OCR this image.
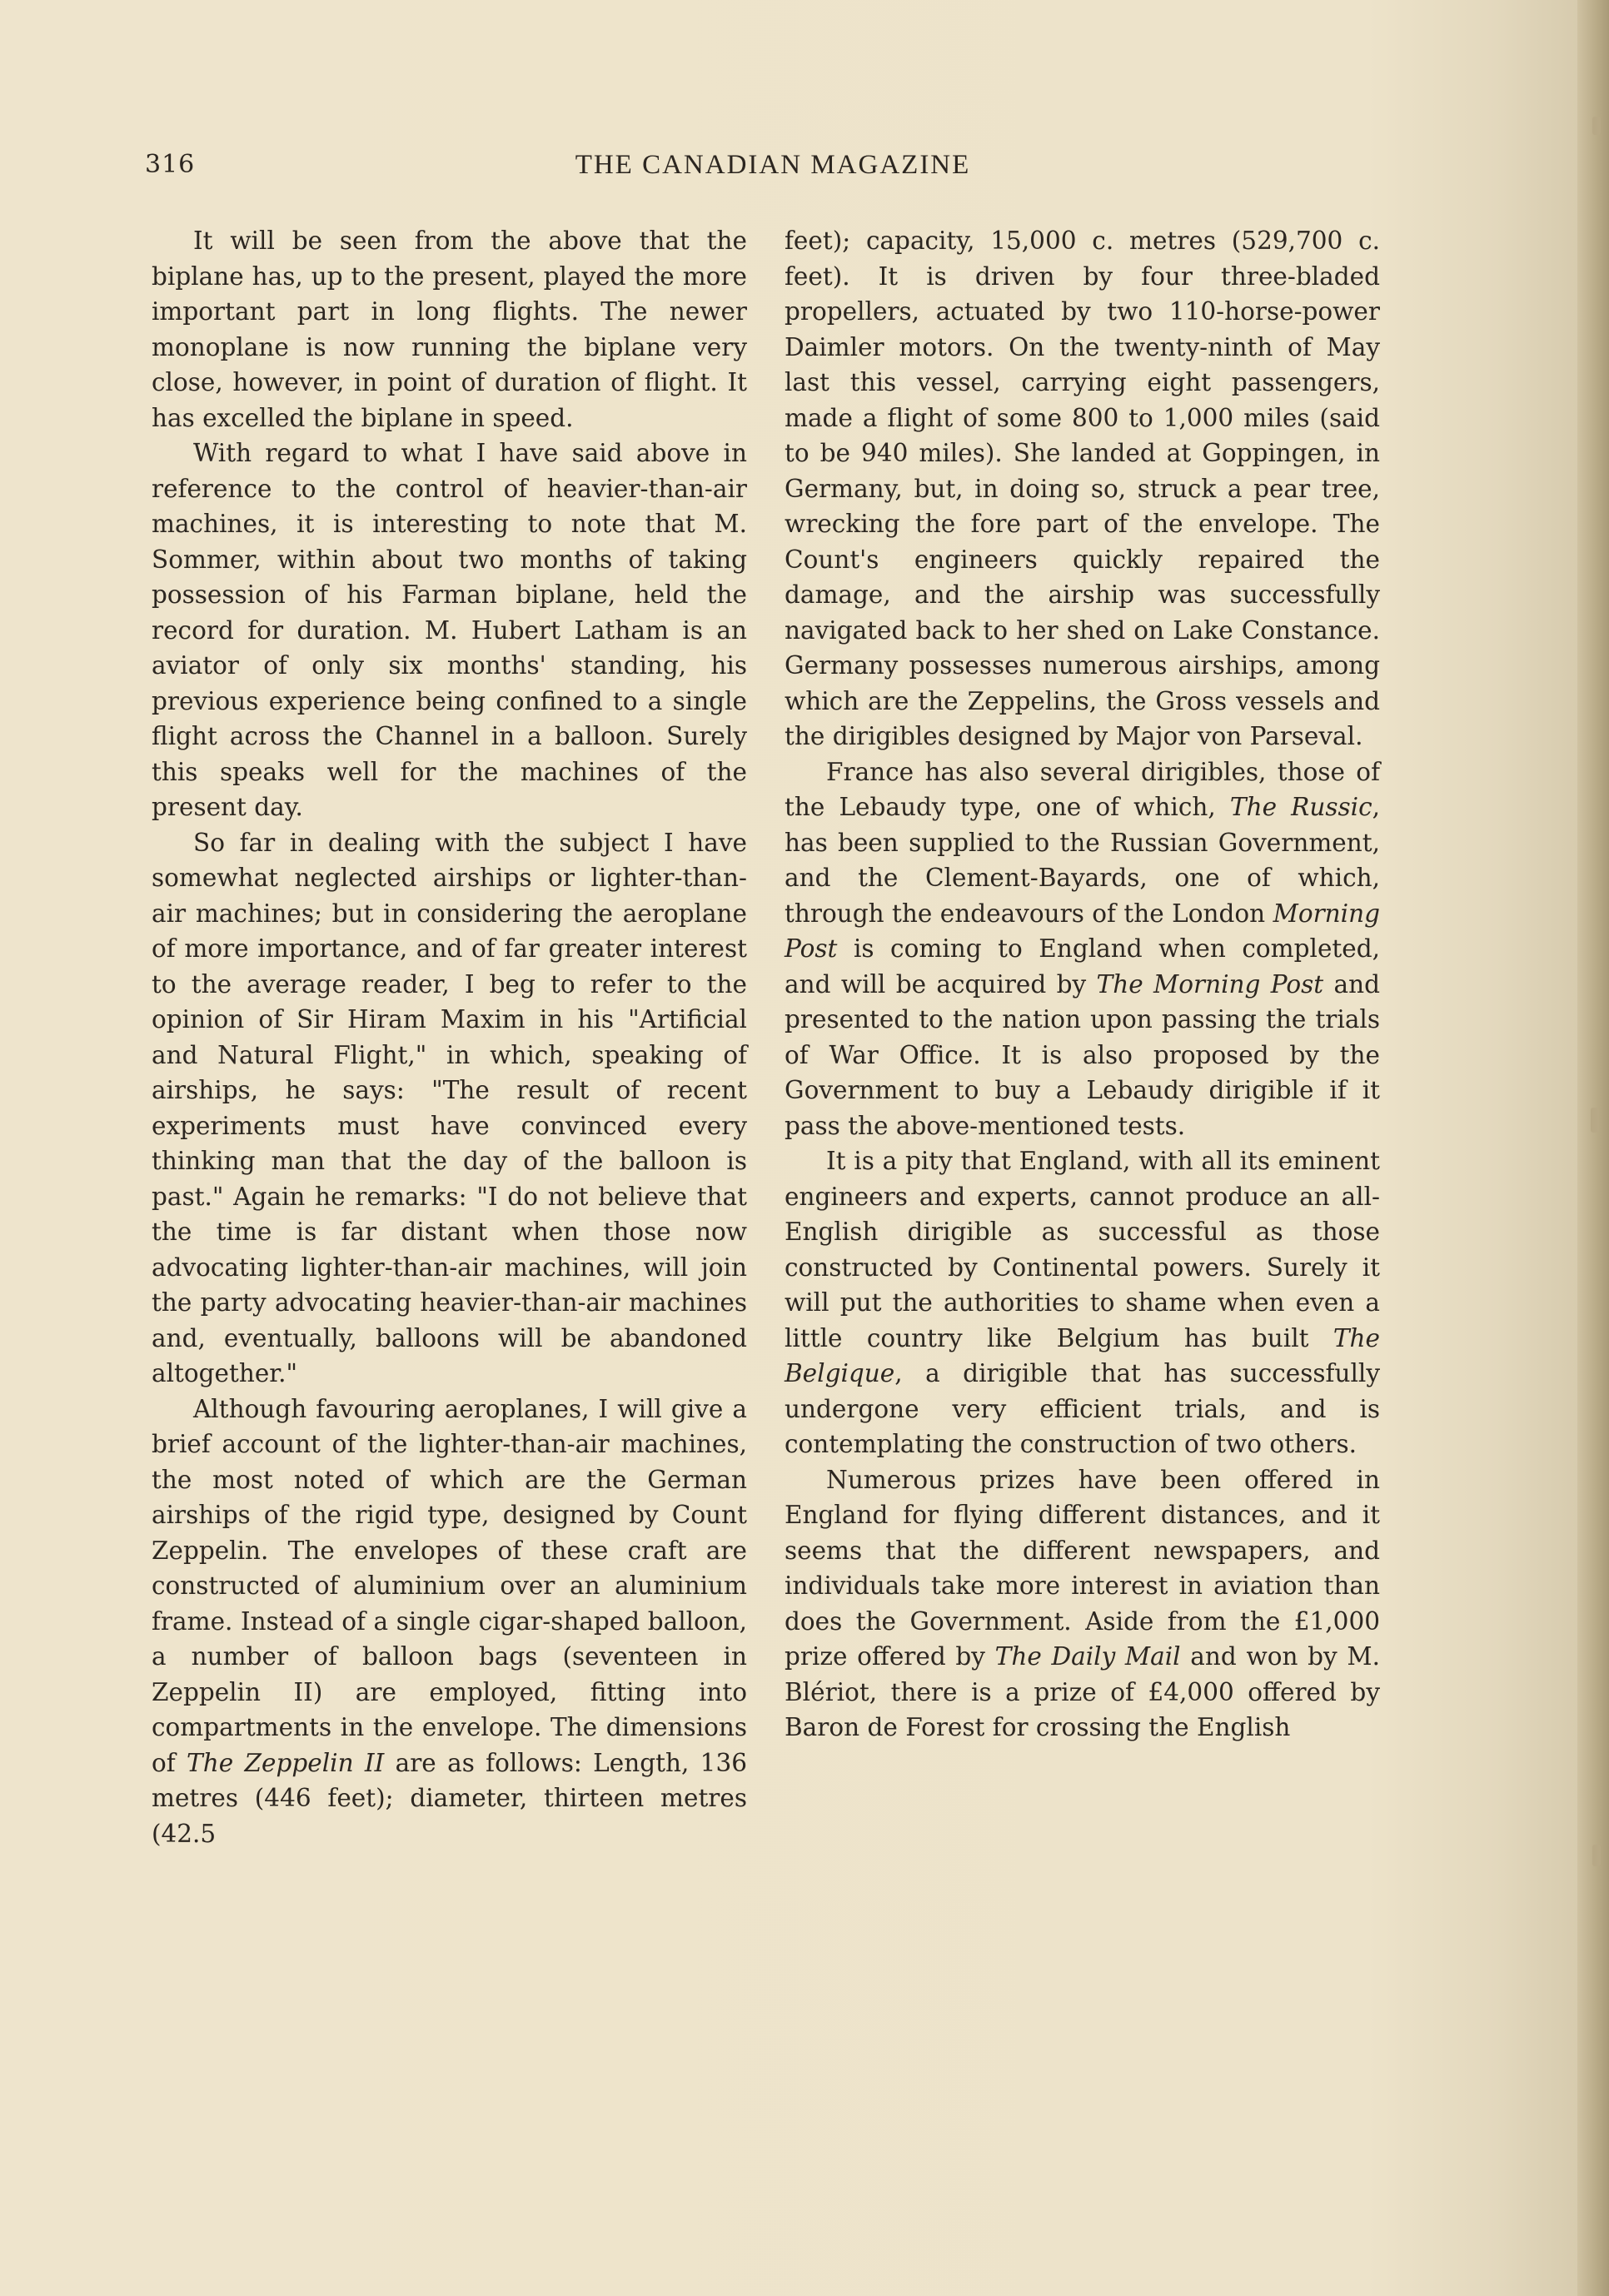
316	THE CANADIAN MAGAZINE

It will be seen from the above that the biplane has, up to the present, played the more important part in long flights. The newer monoplane is now running the biplane very close, however, in point of duration of flight. It has excelled the biplane in speed.

With regard to what I have said above in reference to the control of heavier-than-air machines, it is interesting to note that M. Sommer, within about two months of taking possession of his Farman biplane, held the record for duration. M. Hubert Latham is an aviator of only six months' standing, his previous experience being confined to a single flight across the Channel in a balloon. Surely this speaks well for the machines of the present day.

So far in dealing with the subject I have somewhat neglected airships or lighter-than-air machines; but in considering the aeroplane of more importance, and of far greater interest to the average reader, I beg to refer to the opinion of Sir Hiram Maxim in his "Artificial and Natural Flight," in which, speaking of airships, he says: "The result of recent experiments must have convinced every thinking man that the day of the balloon is past." Again he remarks: "I do not believe that the time is far distant when those now advocating lighter-than-air machines, will join the party advocating heavier-than-air machines and, eventually, balloons will be abandoned altogether."

Although favouring aeroplanes, I will give a brief account of the lighter-than-air machines, the most noted of which are the German airships of the rigid type, designed by Count Zeppelin. The envelopes of these craft are constructed of aluminium over an aluminium frame. Instead of a single cigar-shaped balloon, a number of balloon bags (seventeen in Zeppelin II) are employed, fitting into compartments in the envelope. The dimensions of The Zeppelin II are as follows: Length, 136 metres (446 feet); diameter, thirteen metres (42.5

feet); capacity, 15,000 c. metres (529,700 c. feet). It is driven by four three-bladed propellers, actuated by two 110-horse-power Daimler motors. On the twenty-ninth of May last this vessel, carrying eight passengers, made a flight of some 800 to 1,000 miles (said to be 940 miles). She landed at Goppingen, in Germany, but, in doing so, struck a pear tree, wrecking the fore part of the envelope. The Count's engineers quickly repaired the damage, and the airship was successfully navigated back to her shed on Lake Constance. Germany possesses numerous airships, among which are the Zeppelins, the Gross vessels and the dirigibles designed by Major von Parseval.

France has also several dirigibles, those of the Lebaudy type, one of which, The Russic, has been supplied to the Russian Government, and the Clement-Bayards, one of which, through the endeavours of the London Morning Post is coming to England when completed, and will be acquired by The Morning Post and presented to the nation upon passing the trials of War Office. It is also proposed by the Government to buy a Lebaudy dirigible if it pass the above-mentioned tests.

It is a pity that England, with all its eminent engineers and experts, cannot produce an all-English dirigible as successful as those constructed by Continental powers. Surely it will put the authorities to shame when even a little country like Belgium has built The Belgique, a dirigible that has successfully undergone very efficient trials, and is contemplating the construction of two others.

Numerous prizes have been offered in England for flying different distances, and it seems that the different newspapers, and individuals take more interest in aviation than does the Government. Aside from the £1,000 prize offered by The Daily Mail and won by M. Blériot, there is a prize of £4,000 offered by Baron de Forest for crossing the English
